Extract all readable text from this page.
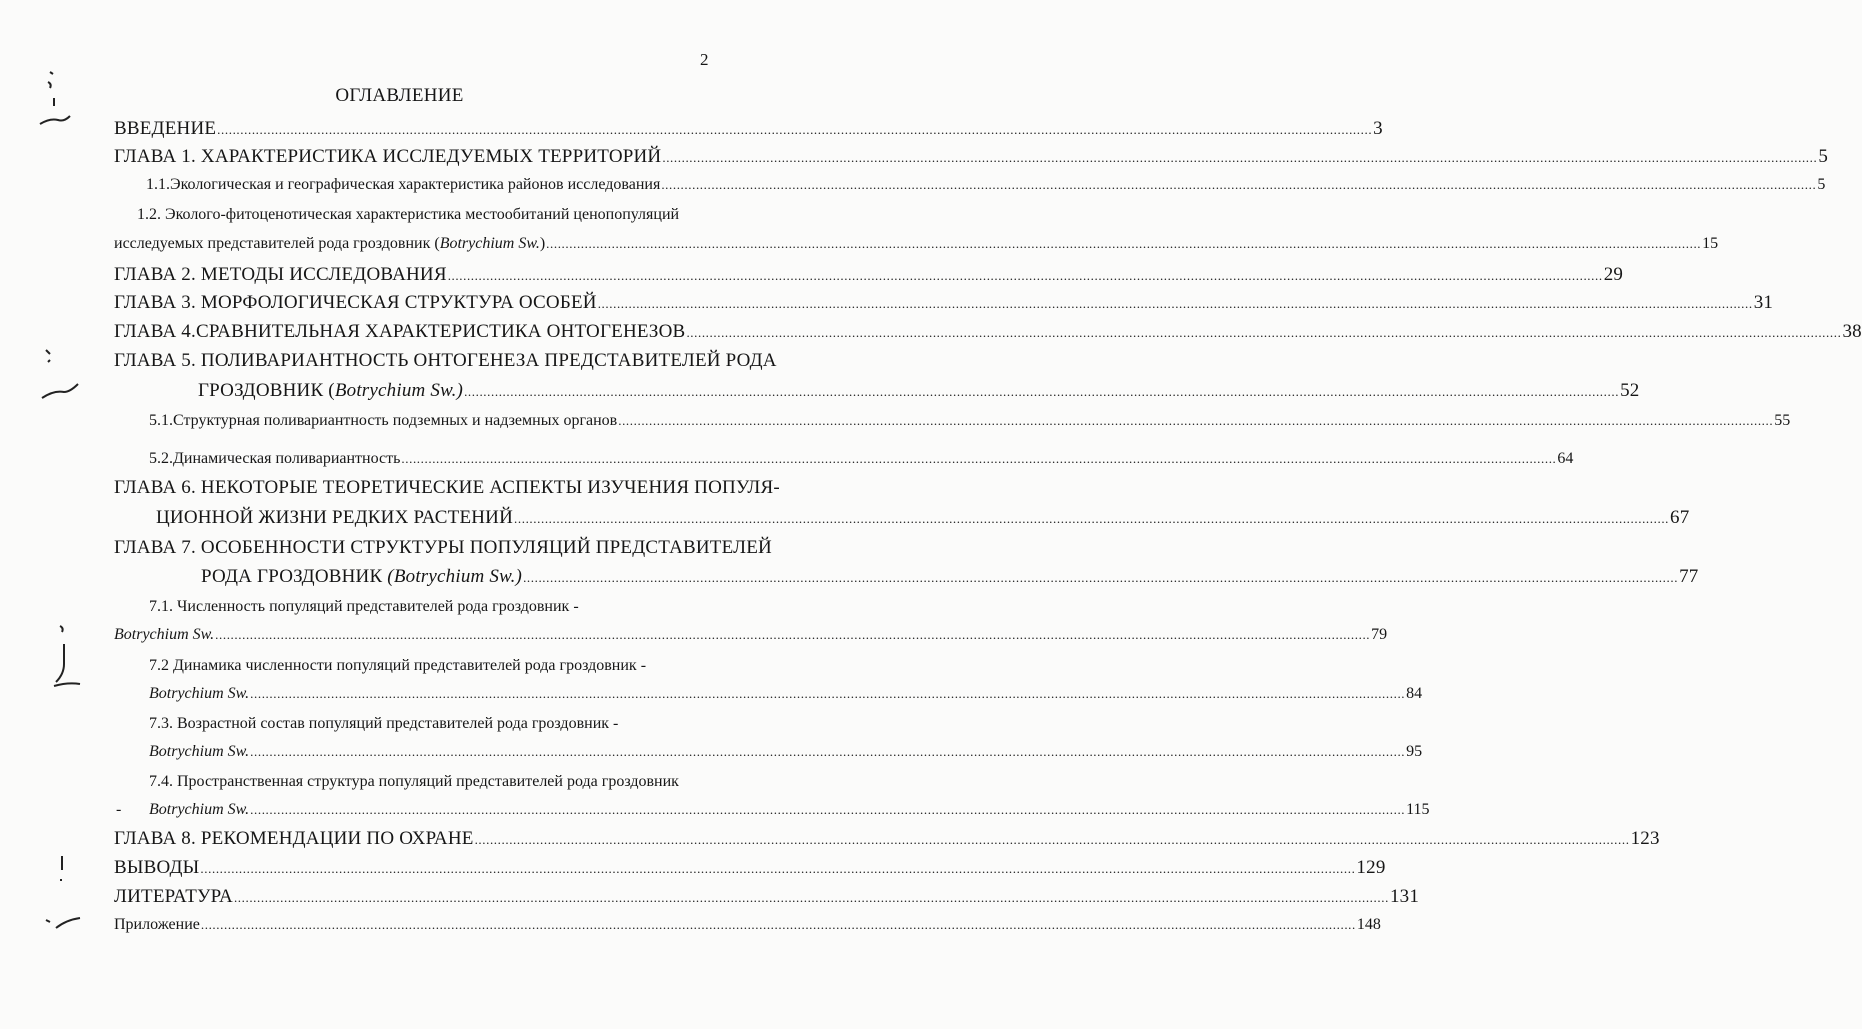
2
ОГЛАВЛЕНИЕ
ВВЕДЕНИЕ ............................................................................................................................................................................................................................................................................................................ 3
ГЛАВА 1. ХАРАКТЕРИСТИКА ИССЛЕДУЕМЫХ ТЕРРИТОРИЙ ............................................................................................................................................................................................................................................................................................................ 5
1.1.Экологическая и географическая характеристика районов исследования ............................................................................................................................................................................................................................................................................................................ 5
1.2. Эколого-фитоценотическая характеристика местообитаний ценопопуляций
исследуемых представителей рода гроздовник (Botrychium Sw.) ............................................................................................................................................................................................................................................................................................................ 15
ГЛАВА 2. МЕТОДЫ ИССЛЕДОВАНИЯ ............................................................................................................................................................................................................................................................................................................ 29
ГЛАВА 3. МОРФОЛОГИЧЕСКАЯ СТРУКТУРА ОСОБЕЙ ............................................................................................................................................................................................................................................................................................................ 31
ГЛАВА 4.СРАВНИТЕЛЬНАЯ ХАРАКТЕРИСТИКА ОНТОГЕНЕЗОВ ............................................................................................................................................................................................................................................................................................................ 38
ГЛАВА 5. ПОЛИВАРИАНТНОСТЬ ОНТОГЕНЕЗА ПРЕДСТАВИТЕЛЕЙ РОДА
ГРОЗДОВНИК (Botrychium Sw.) ............................................................................................................................................................................................................................................................................................................ 52
5.1.Структурная поливариантность подземных и надземных органов ............................................................................................................................................................................................................................................................................................................ 55
5.2.Динамическая поливариантность ............................................................................................................................................................................................................................................................................................................ 64
ГЛАВА 6. НЕКОТОРЫЕ ТЕОРЕТИЧЕСКИЕ АСПЕКТЫ ИЗУЧЕНИЯ ПОПУЛЯ-
ЦИОННОЙ ЖИЗНИ РЕДКИХ РАСТЕНИЙ ............................................................................................................................................................................................................................................................................................................ 67
ГЛАВА 7. ОСОБЕННОСТИ СТРУКТУРЫ ПОПУЛЯЦИЙ ПРЕДСТАВИТЕЛЕЙ
РОДА ГРОЗДОВНИК (Botrychium Sw.) ............................................................................................................................................................................................................................................................................................................ 77
7.1. Численность популяций представителей рода гроздовник -
Botrychium Sw. ............................................................................................................................................................................................................................................................................................................ 79
7.2 Динамика численности популяций представителей рода гроздовник -
Botrychium Sw. ............................................................................................................................................................................................................................................................................................................ 84
7.3. Возрастной состав популяций представителей рода гроздовник -
Botrychium Sw. ............................................................................................................................................................................................................................................................................................................ 95
7.4. Пространственная структура популяций представителей рода гроздовник
- Botrychium Sw. ............................................................................................................................................................................................................................................................................................................ 115
ГЛАВА 8. РЕКОМЕНДАЦИИ ПО ОХРАНЕ ............................................................................................................................................................................................................................................................................................................ 123
ВЫВОДЫ ............................................................................................................................................................................................................................................................................................................ 129
ЛИТЕРАТУРА ............................................................................................................................................................................................................................................................................................................ 131
Приложение ............................................................................................................................................................................................................................................................................................................ 148
